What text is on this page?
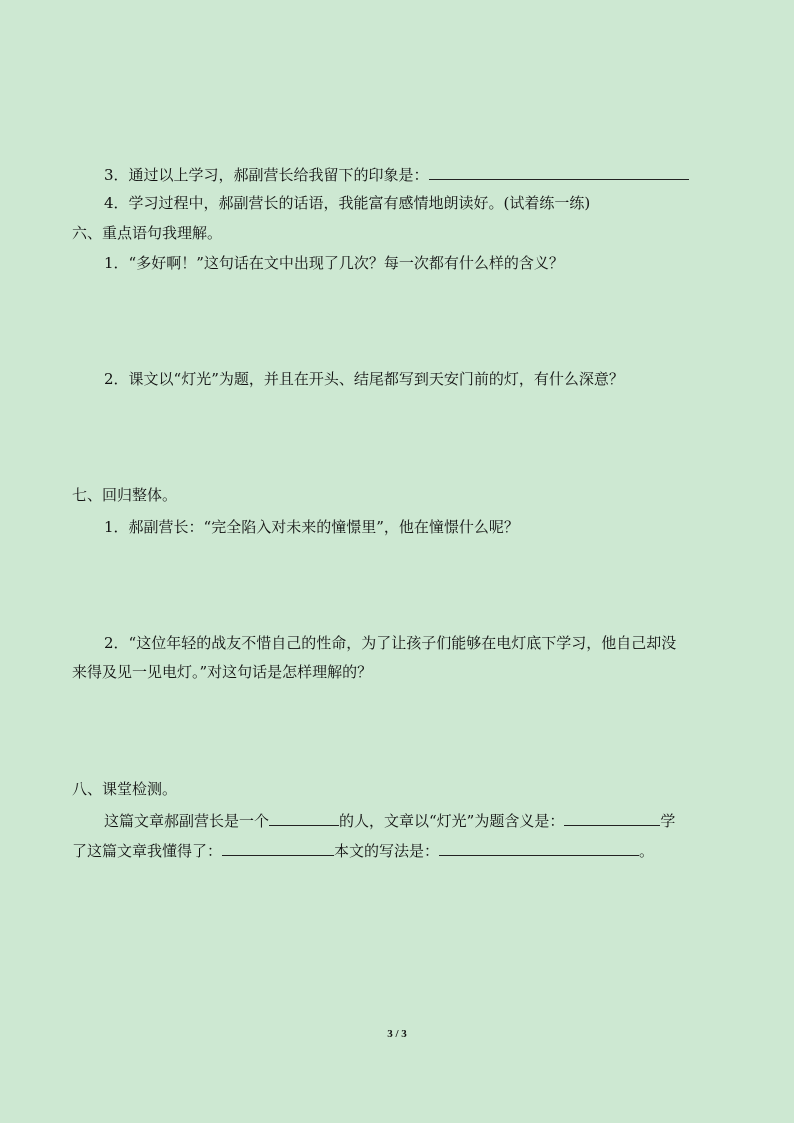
3．通过以上学习，郝副营长给我留下的印象是：
4．学习过程中，郝副营长的话语，我能富有感情地朗读好。(试着练一练)
六、重点语句我理解。
1．“多好啊！”这句话在文中出现了几次？每一次都有什么样的含义？
2．课文以“灯光”为题，并且在开头、结尾都写到天安门前的灯，有什么深意？
七、回归整体。
1．郝副营长：“完全陷入对未来的憧憬里”，他在憧憬什么呢？
2．“这位年轻的战友不惜自己的性命，为了让孩子们能够在电灯底下学习，他自己却没
来得及见一见电灯。”对这句话是怎样理解的？
八、课堂检测。
这篇文章郝副营长是一个	的人，文章以“灯光”为题含义是：	学
了这篇文章我懂得了：	本文的写法是：	。
3 / 3
